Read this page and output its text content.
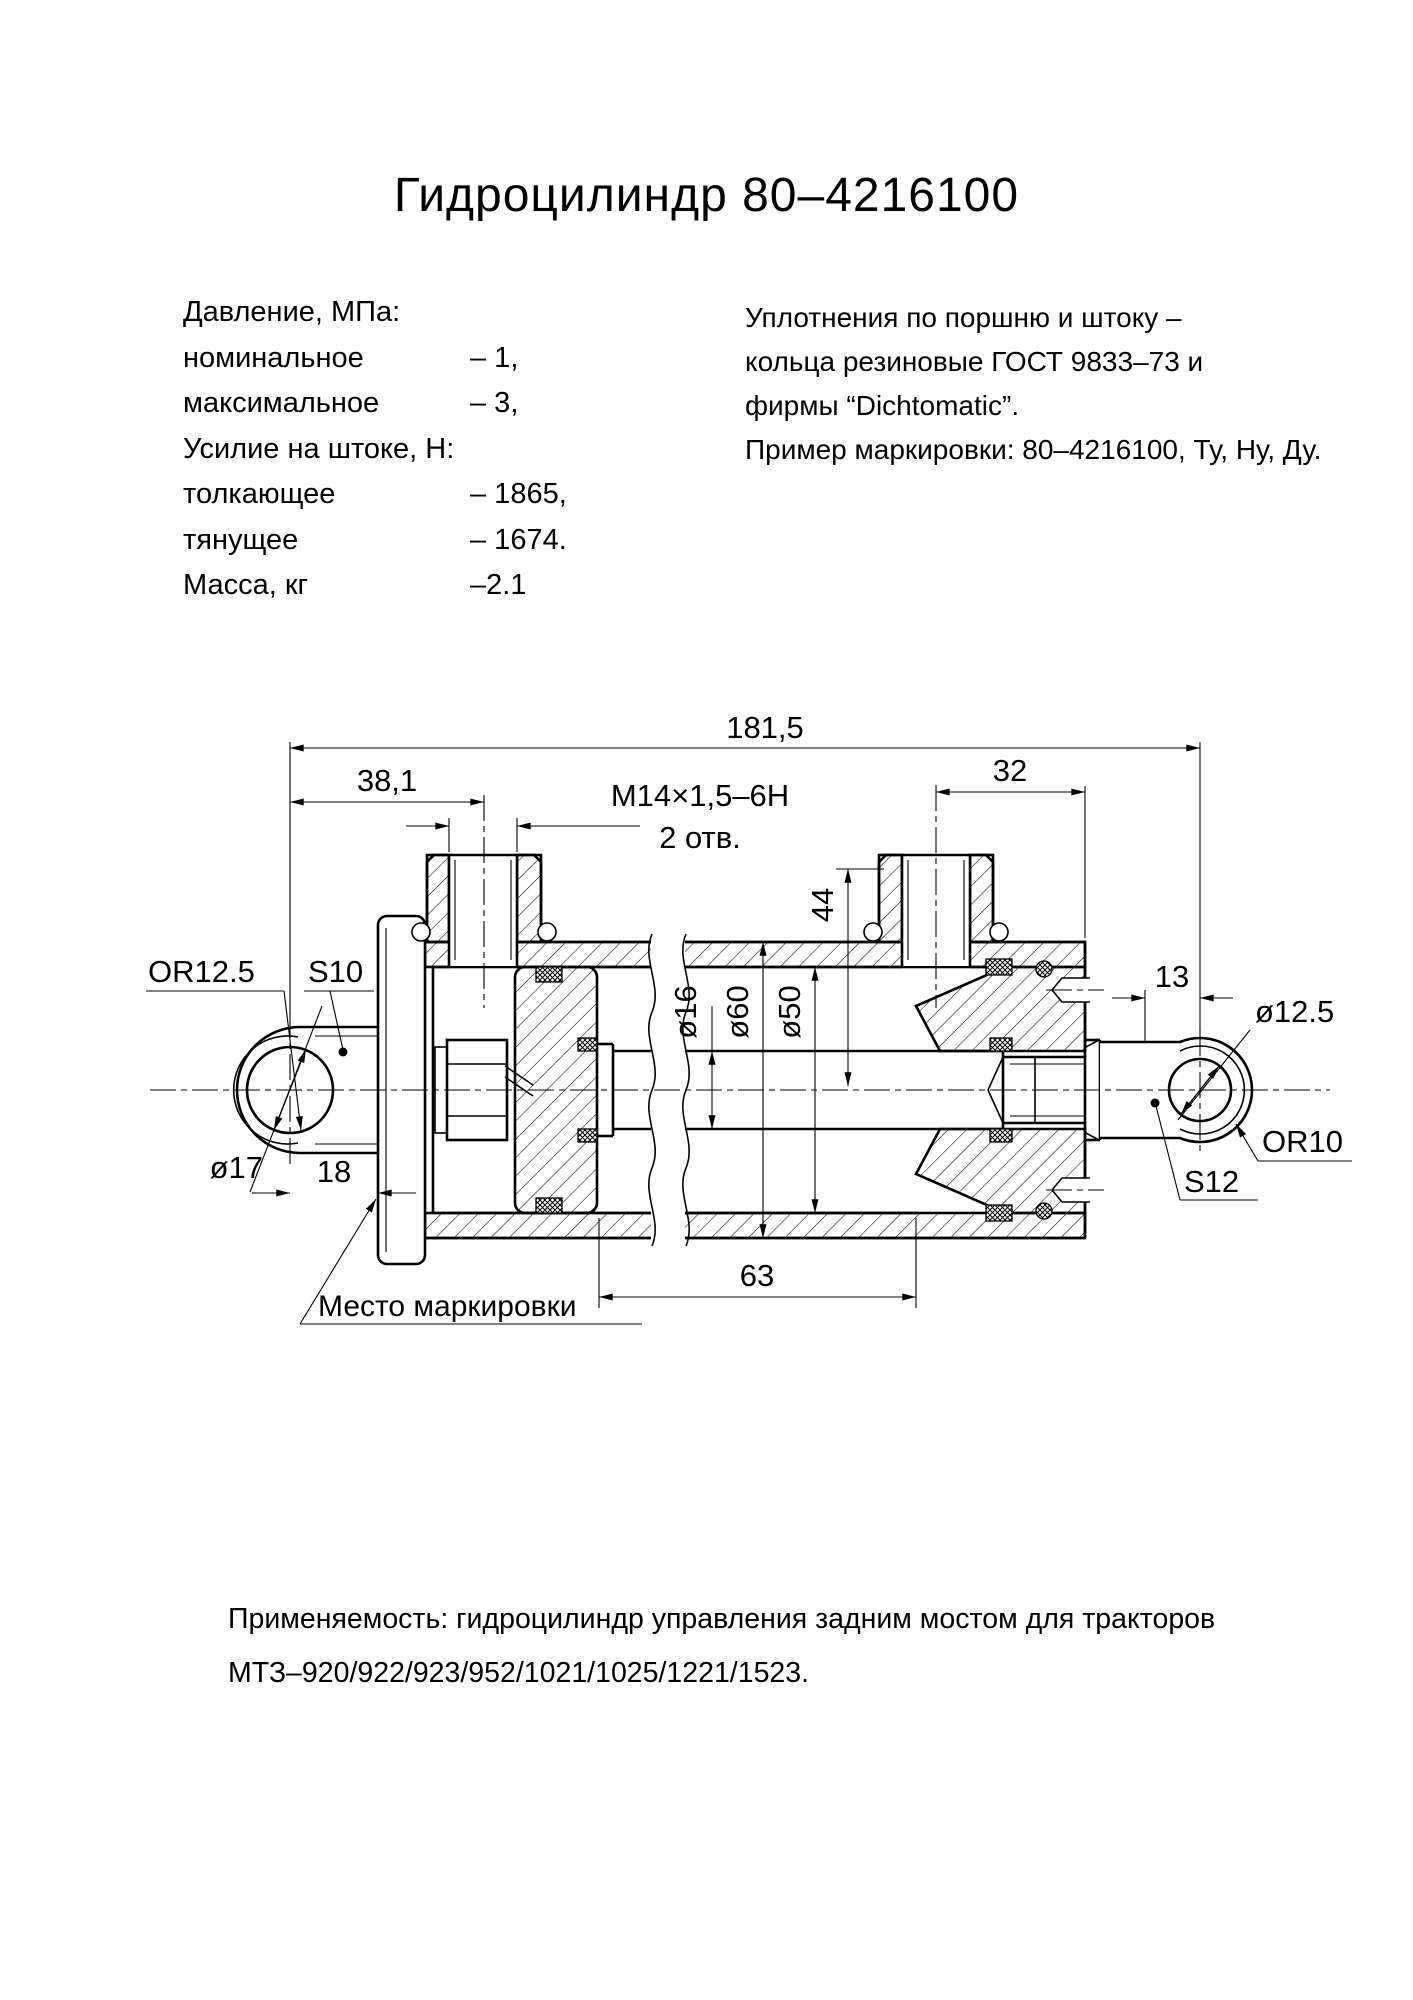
Гидроцилиндр 80–4216100
Давление, МПа:
номинальное	– 1,
максимальное	– 3,
Усилие на штоке, Н:
толкающее	– 1865,
тянущее	– 1674.
Масса, кг	–2.1
Уплотнения по поршню и штоку –
кольца резиновые ГОСТ 9833–73 и
фирмы “Dichtomatic”.
Пример маркировки: 80–4216100, Ту, Ну, Ду.
181,5
38,1	M14×1,5–6H
2 отв.
32
44
ø16 ø60 ø50
63
18
13
ø17
OR12.5 S10
ø12.5
OR10
S12
Место маркировки
Применяемость: гидроцилиндр управления задним мостом для тракторов
МТЗ–920/922/923/952/1021/1025/1221/1523.
